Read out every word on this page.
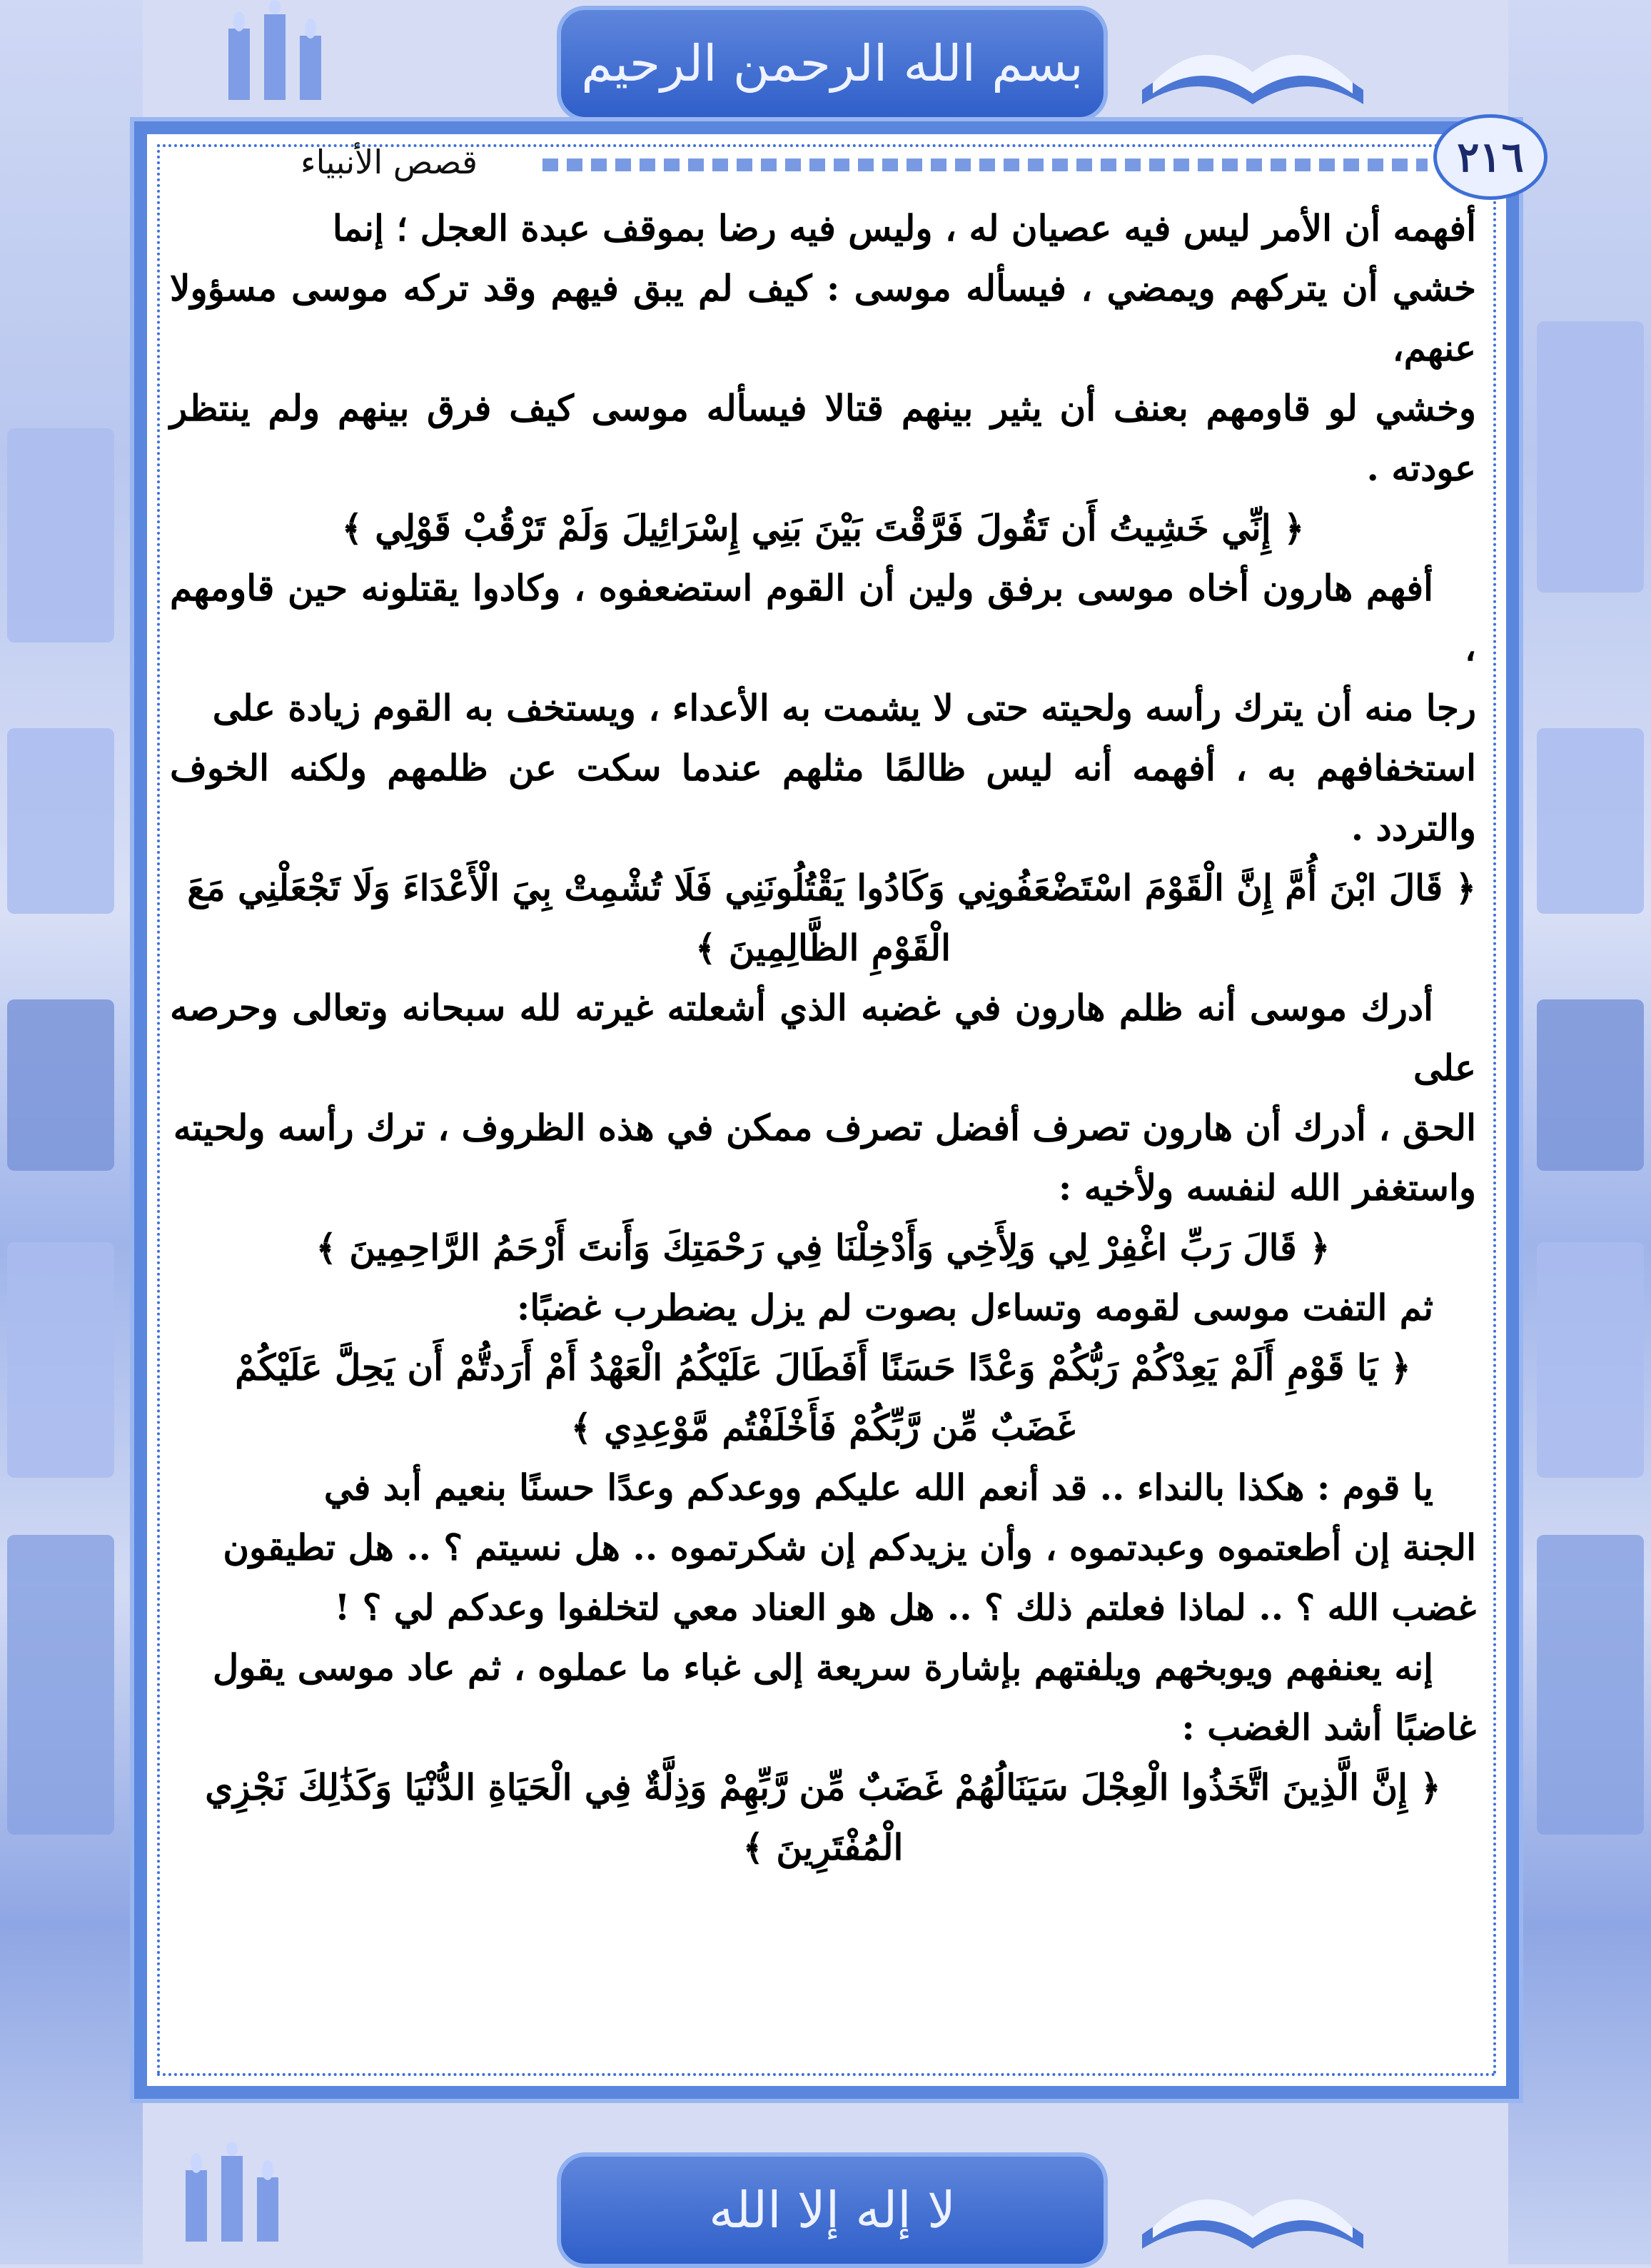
بسم الله الرحمن الرحيم
لا إله إلا الله
٢١٦
قصص الأنبياء

أفهمه أن الأمر ليس فيه عصيان له ، وليس فيه رضا بموقف عبدة العجل ؛ إنما

خشي أن يتركهم ويمضي ، فيسأله موسى : كيف لم يبق فيهم وقد تركه موسى مسؤولا عنهم،

وخشي لو قاومهم بعنف أن يثير بينهم قتالا فيسأله موسى كيف فرق بينهم ولم ينتظر عودته .

﴿ إِنِّي خَشِيتُ أَن تَقُولَ فَرَّقْتَ بَيْنَ بَنِي إِسْرَائِيلَ وَلَمْ تَرْقُبْ قَوْلِي ﴾

أفهم هارون أخاه موسى برفق ولين أن القوم استضعفوه ، وكادوا يقتلونه حين قاومهم ،

رجا منه أن يترك رأسه ولحيته حتى لا يشمت به الأعداء ، ويستخف به القوم زيادة على

استخفافهم به ، أفهمه أنه ليس ظالمًا مثلهم عندما سكت عن ظلمهم ولكنه الخوف والتردد .

﴿ قَالَ ابْنَ أُمَّ إِنَّ الْقَوْمَ اسْتَضْعَفُونِي وَكَادُوا يَقْتُلُونَنِي فَلَا تُشْمِتْ بِيَ الْأَعْدَاءَ وَلَا تَجْعَلْنِي مَعَ

الْقَوْمِ الظَّالِمِينَ ﴾

أدرك موسى أنه ظلم هارون في غضبه الذي أشعلته غيرته لله سبحانه وتعالى وحرصه على

الحق ، أدرك أن هارون تصرف أفضل تصرف ممكن في هذه الظروف ، ترك رأسه ولحيته

واستغفر الله لنفسه ولأخيه :

﴿ قَالَ رَبِّ اغْفِرْ لِي وَلِأَخِي وَأَدْخِلْنَا فِي رَحْمَتِكَ وَأَنتَ أَرْحَمُ الرَّاحِمِينَ ﴾

ثم التفت موسى لقومه وتساءل بصوت لم يزل يضطرب غضبًا:

﴿ يَا قَوْمِ أَلَمْ يَعِدْكُمْ رَبُّكُمْ وَعْدًا حَسَنًا أَفَطَالَ عَلَيْكُمُ الْعَهْدُ أَمْ أَرَدتُّمْ أَن يَحِلَّ عَلَيْكُمْ

غَضَبٌ مِّن رَّبِّكُمْ فَأَخْلَفْتُم مَّوْعِدِي ﴾

يا قوم : هكذا بالنداء .. قد أنعم الله عليكم ووعدكم وعدًا حسنًا بنعيم أبد في

الجنة إن أطعتموه وعبدتموه ، وأن يزيدكم إن شكرتموه .. هل نسيتم ؟ .. هل تطيقون

غضب الله ؟ .. لماذا فعلتم ذلك ؟ .. هل هو العناد معي لتخلفوا وعدكم لي ؟ !

إنه يعنفهم ويوبخهم ويلفتهم بإشارة سريعة إلى غباء ما عملوه ، ثم عاد موسى يقول

غاضبًا أشد الغضب :

﴿ إِنَّ الَّذِينَ اتَّخَذُوا الْعِجْلَ سَيَنَالُهُمْ غَضَبٌ مِّن رَّبِّهِمْ وَذِلَّةٌ فِي الْحَيَاةِ الدُّنْيَا وَكَذَٰلِكَ نَجْزِي الْمُفْتَرِينَ ﴾
